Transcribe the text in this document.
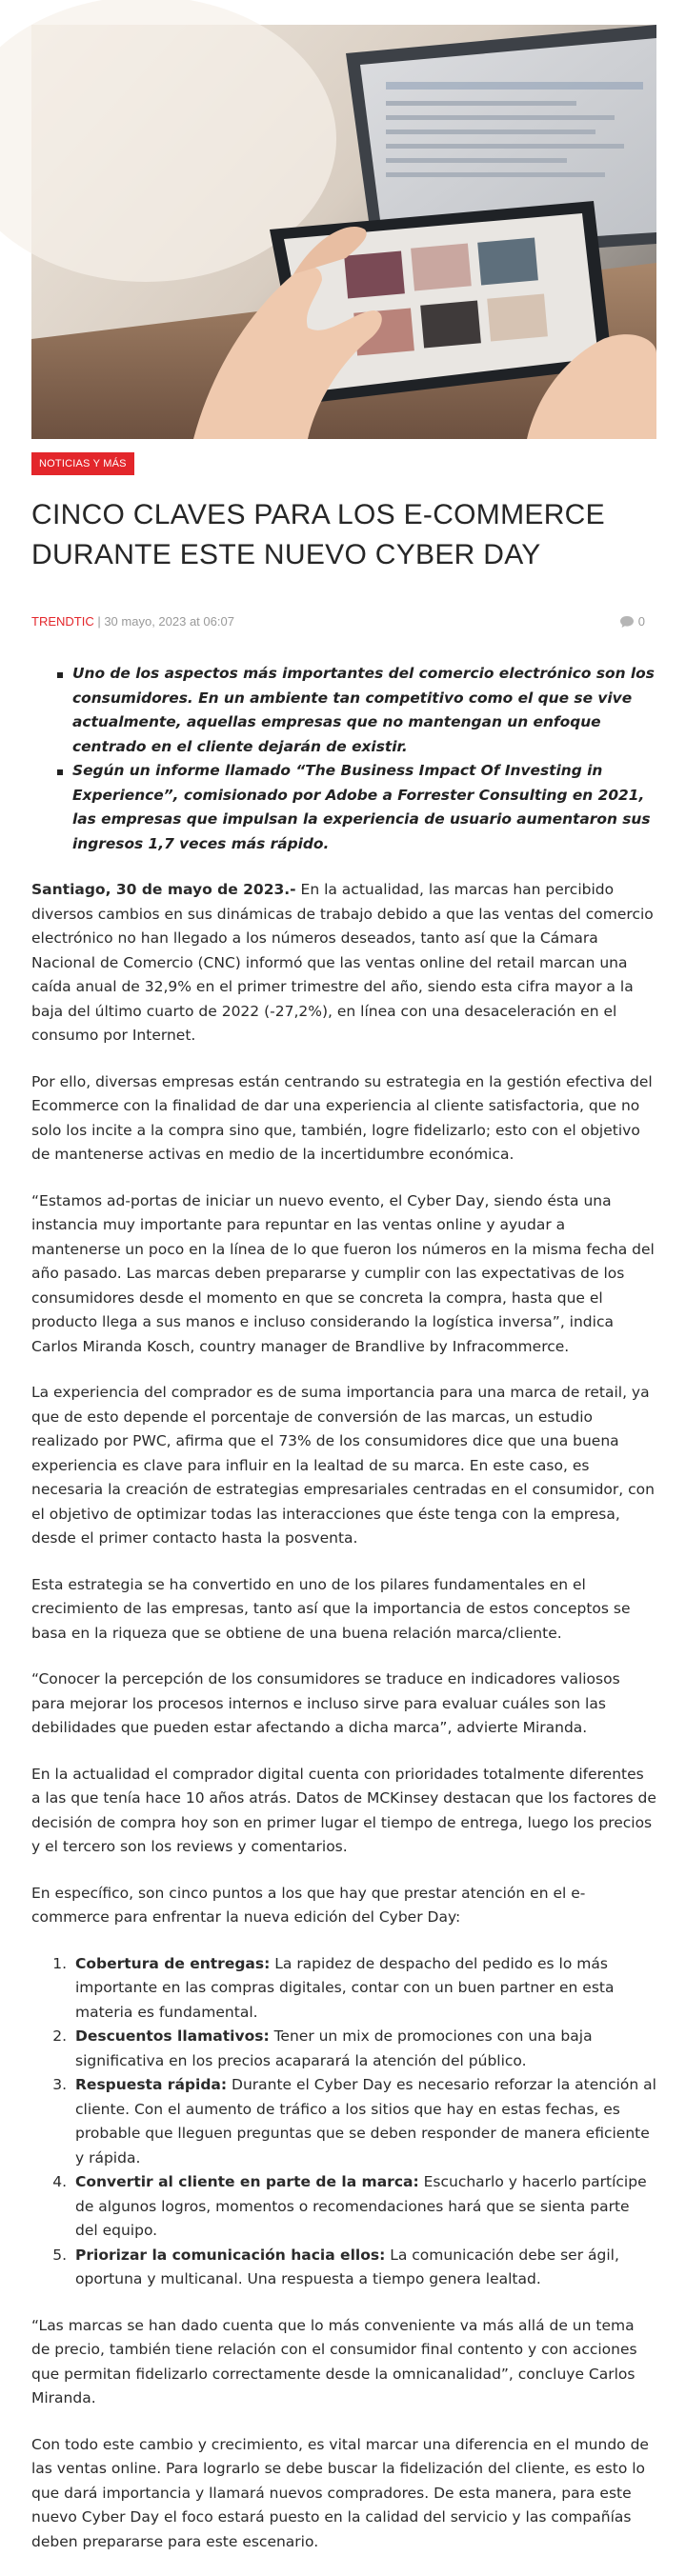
NOTICIAS Y MÁS
CINCO CLAVES PARA LOS E-COMMERCE DURANTE ESTE NUEVO CYBER DAY
TRENDTIC | 30 mayo, 2023 at 06:07	0
Uno de los aspectos más importantes del comercio electrónico son los consumidores. En un ambiente tan competitivo como el que se vive actualmente, aquellas empresas que no mantengan un enfoque centrado en el cliente dejarán de existir.
Según un informe llamado “The Business Impact Of Investing in Experience”, comisionado por Adobe a Forrester Consulting en 2021, las empresas que impulsan la experiencia de usuario aumentaron sus ingresos 1,7 veces más rápido.

Santiago, 30 de mayo de 2023.- En la actualidad, las marcas han percibido diversos cambios en sus dinámicas de trabajo debido a que las ventas del comercio electrónico no han llegado a los números deseados, tanto así que la Cámara Nacional de Comercio (CNC) informó que las ventas online del retail marcan una caída anual de 32,9% en el primer trimestre del año, siendo esta cifra mayor a la baja del último cuarto de 2022 (-27,2%), en línea con una desaceleración en el consumo por Internet.

Por ello, diversas empresas están centrando su estrategia en la gestión efectiva del Ecommerce con la finalidad de dar una experiencia al cliente satisfactoria, que no solo los incite a la compra sino que, también, logre fidelizarlo; esto con el objetivo de mantenerse activas en medio de la incertidumbre económica.

“Estamos ad-portas de iniciar un nuevo evento, el Cyber Day, siendo ésta una instancia muy importante para repuntar en las ventas online y ayudar a mantenerse un poco en la línea de lo que fueron los números en la misma fecha del año pasado. Las marcas deben prepararse y cumplir con las expectativas de los consumidores desde el momento en que se concreta la compra, hasta que el producto llega a sus manos e incluso considerando la logística inversa”, indica Carlos Miranda Kosch, country manager de Brandlive by Infracommerce.

La experiencia del comprador es de suma importancia para una marca de retail, ya que de esto depende el porcentaje de conversión de las marcas, un estudio realizado por PWC, afirma que el 73% de los consumidores dice que una buena experiencia es clave para influir en la lealtad de su marca. En este caso, es necesaria la creación de estrategias empresariales centradas en el consumidor, con el objetivo de optimizar todas las interacciones que éste tenga con la empresa, desde el primer contacto hasta la posventa.

Esta estrategia se ha convertido en uno de los pilares fundamentales en el crecimiento de las empresas, tanto así que la importancia de estos conceptos se basa en la riqueza que se obtiene de una buena relación marca/cliente.

“Conocer la percepción de los consumidores se traduce en indicadores valiosos para mejorar los procesos internos e incluso sirve para evaluar cuáles son las debilidades que pueden estar afectando a dicha marca”, advierte Miranda.

En la actualidad el comprador digital cuenta con prioridades totalmente diferentes a las que tenía hace 10 años atrás. Datos de MCKinsey destacan que los factores de decisión de compra hoy son en primer lugar el tiempo de entrega, luego los precios y el tercero son los reviews y comentarios.

En específico, son cinco puntos a los que hay que prestar atención en el e-commerce para enfrentar la nueva edición del Cyber Day:

1. Cobertura de entregas: La rapidez de despacho del pedido es lo más importante en las compras digitales, contar con un buen partner en esta materia es fundamental.
2. Descuentos llamativos: Tener un mix de promociones con una baja significativa en los precios acaparará la atención del público.
3. Respuesta rápida: Durante el Cyber Day es necesario reforzar la atención al cliente. Con el aumento de tráfico a los sitios que hay en estas fechas, es probable que lleguen preguntas que se deben responder de manera eficiente y rápida.
4. Convertir al cliente en parte de la marca: Escucharlo y hacerlo partícipe de algunos logros, momentos o recomendaciones hará que se sienta parte del equipo.
5. Priorizar la comunicación hacia ellos: La comunicación debe ser ágil, oportuna y multicanal. Una respuesta a tiempo genera lealtad.

“Las marcas se han dado cuenta que lo más conveniente va más allá de un tema de precio, también tiene relación con el consumidor final contento y con acciones que permitan fidelizarlo correctamente desde la omnicanalidad”, concluye Carlos Miranda.

Con todo este cambio y crecimiento, es vital marcar una diferencia en el mundo de las ventas online. Para lograrlo se debe buscar la fidelización del cliente, es esto lo que dará importancia y llamará nuevos compradores. De esta manera, para este nuevo Cyber Day el foco estará puesto en la calidad del servicio y las compañías deben prepararse para este escenario.
